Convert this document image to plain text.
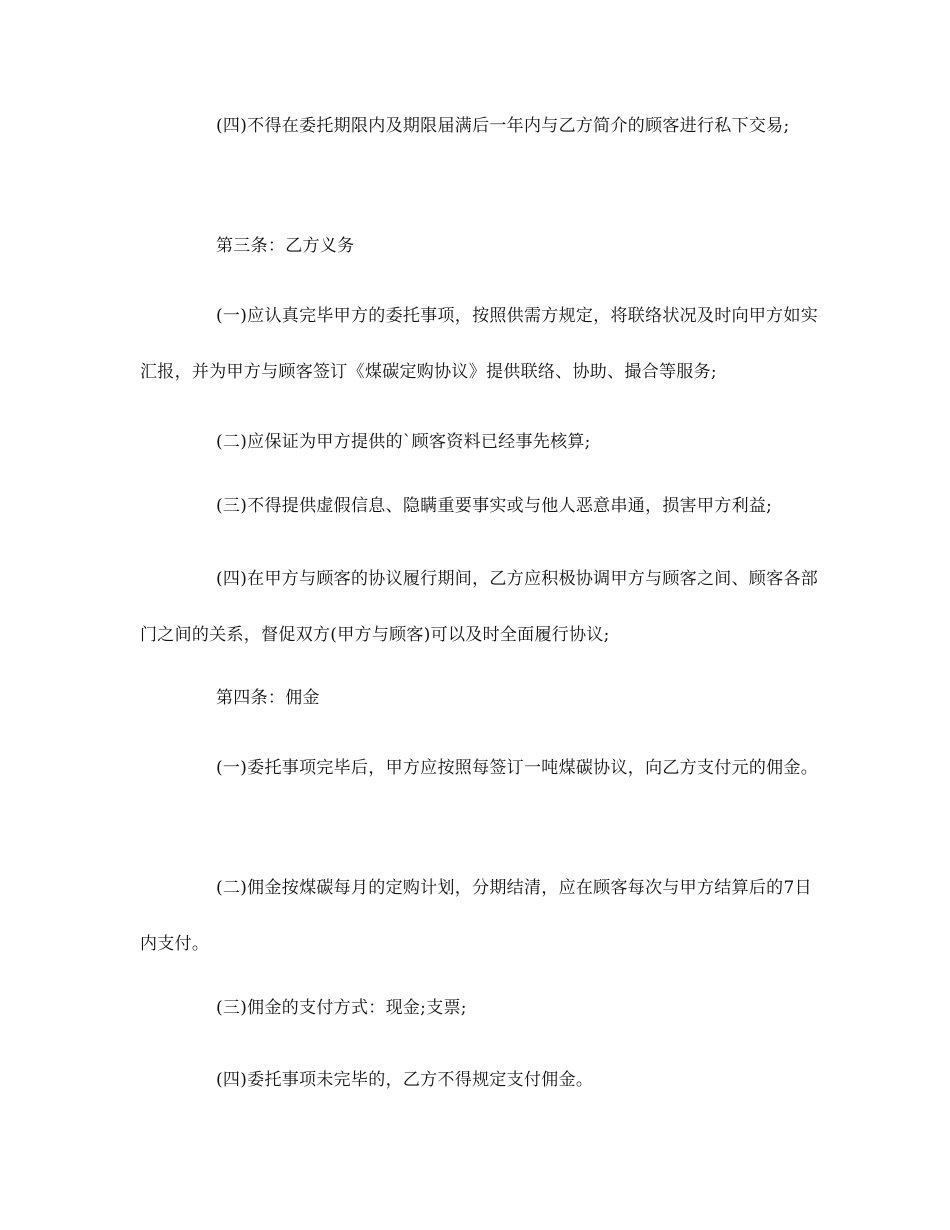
(四)不得在委托期限内及期限届满后一年内与乙方简介的顾客进行私下交易;

第三条：乙方义务

(一)应认真完毕甲方的委托事项，按照供需方规定，将联络状况及时向甲方如实汇报，并为甲方与顾客签订《煤碳定购协议》提供联络、协助、撮合等服务;

(二)应保证为甲方提供的`顾客资料已经事先核算;

(三)不得提供虚假信息、隐瞒重要事实或与他人恶意串通，损害甲方利益;

(四)在甲方与顾客的协议履行期间，乙方应积极协调甲方与顾客之间、顾客各部门之间的关系，督促双方(甲方与顾客)可以及时全面履行协议;

第四条：佣金

(一)委托事项完毕后，甲方应按照每签订一吨煤碳协议，向乙方支付元的佣金。

(二)佣金按煤碳每月的定购计划，分期结清，应在顾客每次与甲方结算后的7日内支付。

(三)佣金的支付方式：现金;支票;

(四)委托事项未完毕的，乙方不得规定支付佣金。
